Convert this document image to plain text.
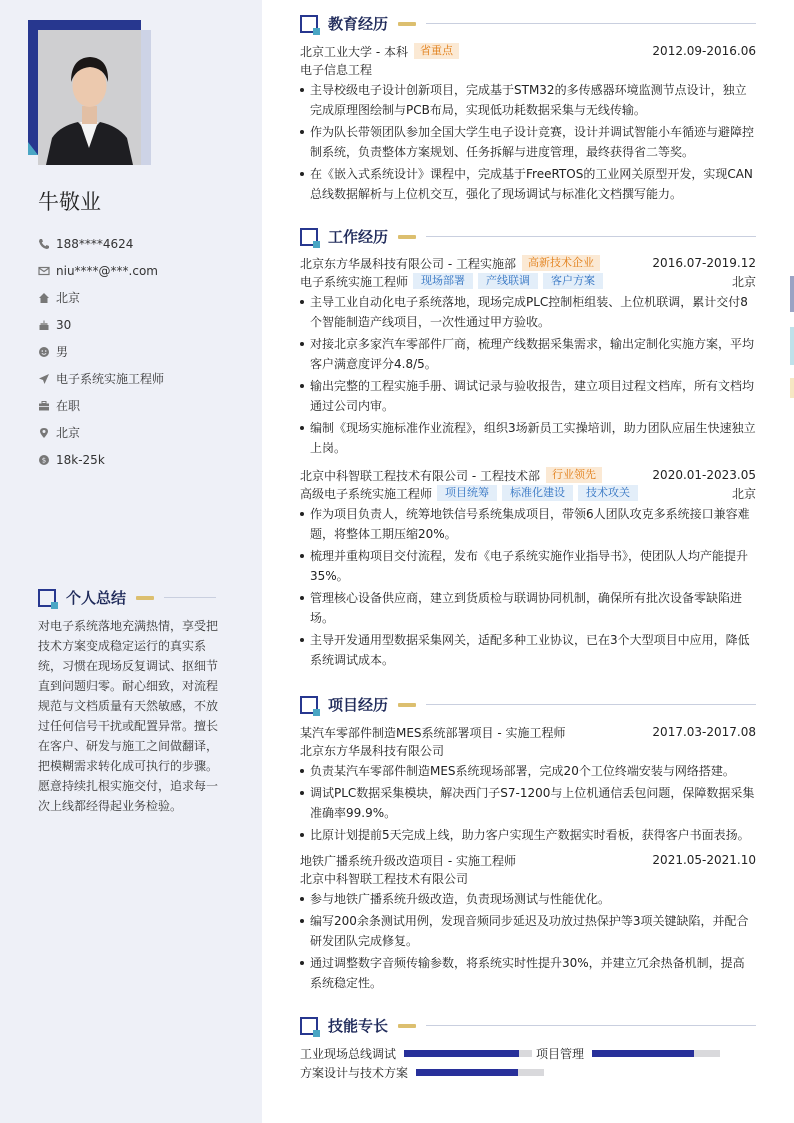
牛敬业
188****4624
niu****@***.com
北京
30
男
电子系统实施工程师
在职
北京
$ 18k-25k
个人总结
对电子系统落地充满热情，享受把技术方案变成稳定运行的真实系统，习惯在现场反复调试、抠细节直到问题归零。耐心细致，对流程规范与文档质量有天然敏感，不放过任何信号干扰或配置异常。擅长在客户、研发与施工之间做翻译，把模糊需求转化成可执行的步骤。愿意持续扎根实施交付，追求每一次上线都经得起业务检验。
教育经历
北京工业大学 - 本科	省重点	2012.09-2016.06
电子信息工程
主导校级电子设计创新项目，完成基于STM32的多传感器环境监测节点设计，独立完成原理图绘制与PCB布局，实现低功耗数据采集与无线传输。
作为队长带领团队参加全国大学生电子设计竞赛，设计并调试智能小车循迹与避障控制系统，负责整体方案规划、任务拆解与进度管理，最终获得省二等奖。
在《嵌入式系统设计》课程中，完成基于FreeRTOS的工业网关原型开发，实现CAN总线数据解析与上位机交互，强化了现场调试与标准化文档撰写能力。
工作经历
北京东方华晟科技有限公司 - 工程实施部	高新技术企业	2016.07-2019.12
电子系统实施工程师	现场部署	产线联调	客户方案	北京
主导工业自动化电子系统落地，现场完成PLC控制柜组装、上位机联调，累计交付8个智能制造产线项目，一次性通过甲方验收。
对接北京多家汽车零部件厂商，梳理产线数据采集需求，输出定制化实施方案，平均客户满意度评分4.8/5。
输出完整的工程实施手册、调试记录与验收报告，建立项目过程文档库，所有文档均通过公司内审。
编制《现场实施标准作业流程》，组织3场新员工实操培训，助力团队应届生快速独立上岗。
北京中科智联工程技术有限公司 - 工程技术部	行业领先	2020.01-2023.05
高级电子系统实施工程师	项目统筹	标准化建设	技术攻关	北京
作为项目负责人，统筹地铁信号系统集成项目，带领6人团队攻克多系统接口兼容难题，将整体工期压缩20%。
梳理并重构项目交付流程，发布《电子系统实施作业指导书》，使团队人均产能提升35%。
管理核心设备供应商，建立到货质检与联调协同机制，确保所有批次设备零缺陷进场。
主导开发通用型数据采集网关，适配多种工业协议，已在3个大型项目中应用，降低系统调试成本。
项目经历
某汽车零部件制造MES系统部署项目 - 实施工程师	2017.03-2017.08
北京东方华晟科技有限公司
负责某汽车零部件制造MES系统现场部署，完成20个工位终端安装与网络搭建。
调试PLC数据采集模块，解决西门子S7-1200与上位机通信丢包问题，保障数据采集准确率99.9%。
比原计划提前5天完成上线，助力客户实现生产数据实时看板，获得客户书面表扬。
地铁广播系统升级改造项目 - 实施工程师	2021.05-2021.10
北京中科智联工程技术有限公司
参与地铁广播系统升级改造，负责现场测试与性能优化。
编写200余条测试用例，发现音频同步延迟及功放过热保护等3项关键缺陷，并配合研发团队完成修复。
通过调整数字音频传输参数，将系统实时性提升30%，并建立冗余热备机制，提高系统稳定性。
技能专长
工业现场总线调试	项目管理
方案设计与技术方案
